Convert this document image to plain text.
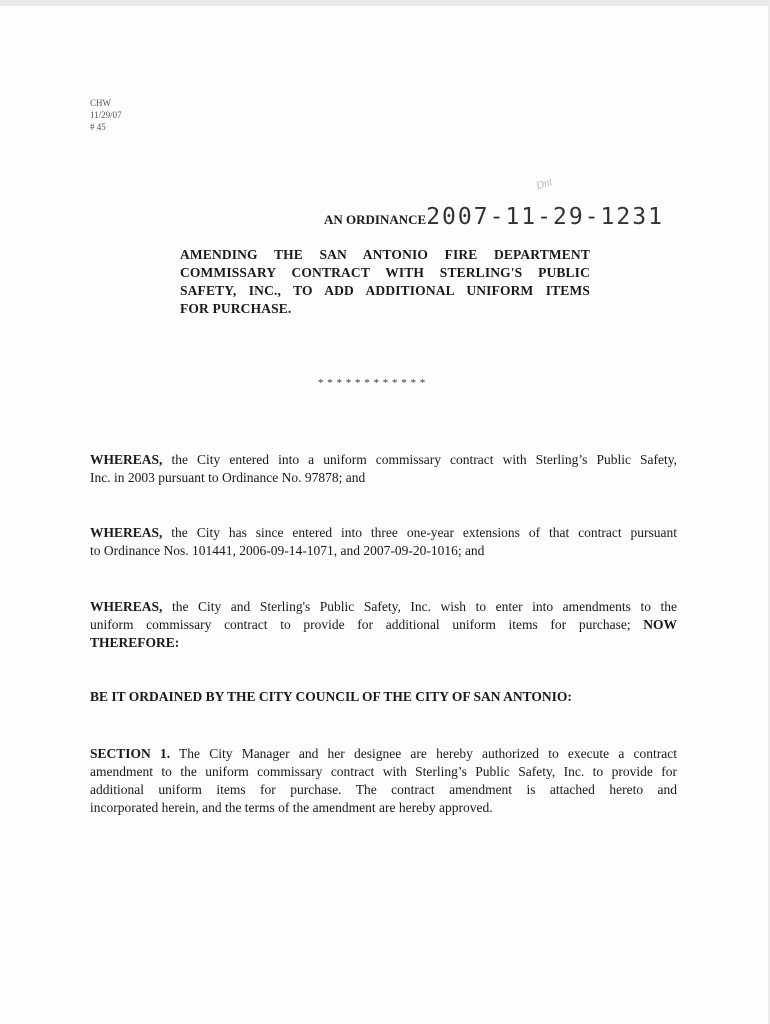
CHW
11/29/07
# 45
Dnt
AN ORDINANCE2007-11-29-1231
AMENDING THE SAN ANTONIO FIRE DEPARTMENT
COMMISSARY CONTRACT WITH STERLING'S PUBLIC
SAFETY, INC., TO ADD ADDITIONAL UNIFORM ITEMS
FOR PURCHASE.
* * * * * * * * * * * *
WHEREAS, the City entered into a uniform commissary contract with Sterling’s Public Safety,
Inc. in 2003 pursuant to Ordinance No. 97878; and
WHEREAS, the City has since entered into three one-year extensions of that contract pursuant
to Ordinance Nos. 101441, 2006-09-14-1071, and 2007-09-20-1016; and
WHEREAS, the City and Sterling's Public Safety, Inc. wish to enter into amendments to the
uniform commissary contract to provide for additional uniform items for purchase; NOW
THEREFORE:
BE IT ORDAINED BY THE CITY COUNCIL OF THE CITY OF SAN ANTONIO:
SECTION 1. The City Manager and her designee are hereby authorized to execute a contract
amendment to the uniform commissary contract with Sterling’s Public Safety, Inc. to provide for
additional uniform items for purchase. The contract amendment is attached hereto and
incorporated herein, and the terms of the amendment are hereby approved.
